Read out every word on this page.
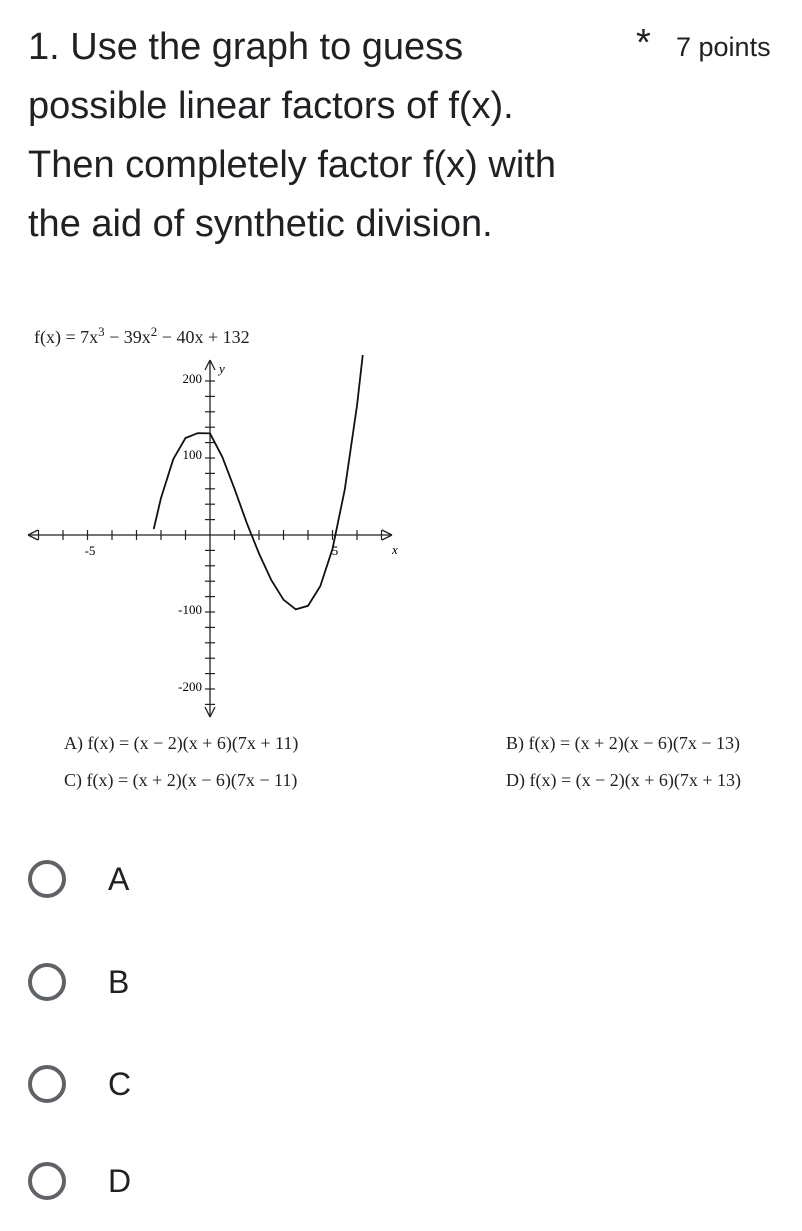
1. Use the graph to guess
possible linear factors of f(x).
Then completely factor f(x) with
the aid of synthetic division.
* 7 points
$f(x) = 7x^3 - 39x^2 - 40x + 132$
-5	5	x
y
200
100
-100
-200
A) f(x) = (x − 2)(x + 6)(7x + 11)	B) f(x) = (x + 2)(x − 6)(7x − 13)
C) f(x) = (x + 2)(x − 6)(7x − 11)	D) f(x) = (x − 2)(x + 6)(7x + 13)
A
B
C
D
